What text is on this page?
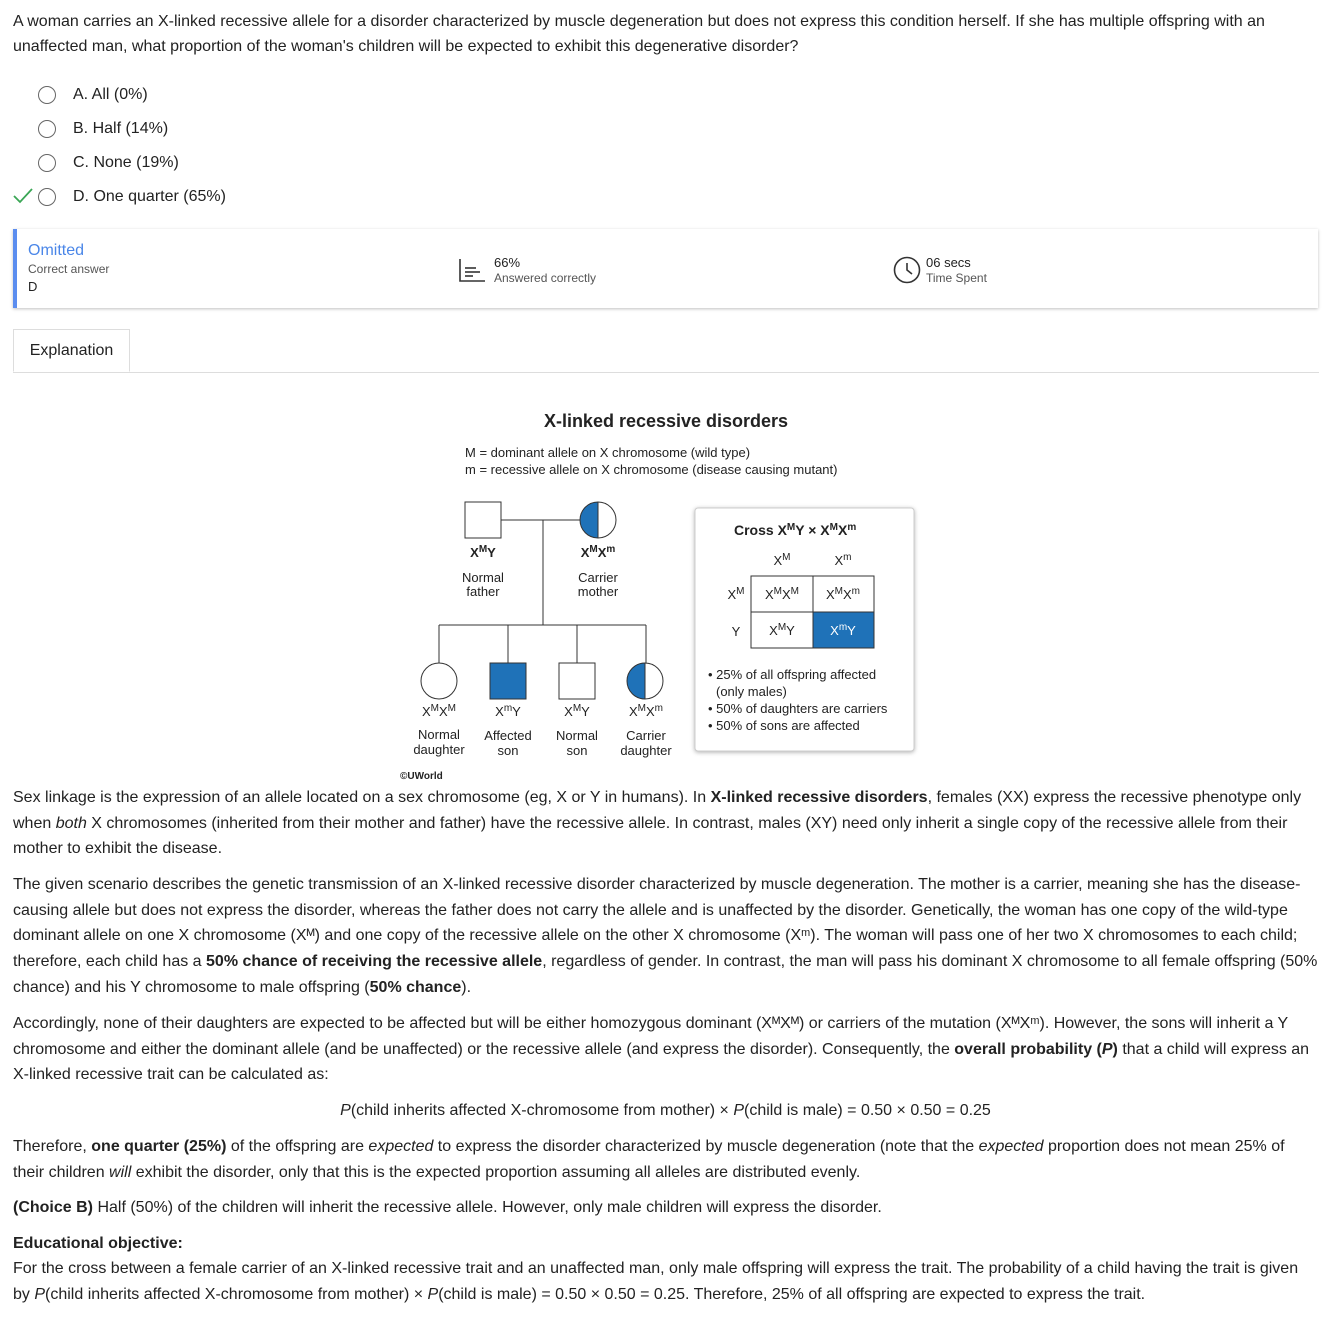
A woman carries an X-linked recessive allele for a disorder characterized by muscle degeneration but does not express this condition herself. If she has multiple offspring with an unaffected man, what proportion of the woman's children will be expected to exhibit this degenerative disorder?
A. All (0%)
B. Half (14%)
C. None (19%)
D. One quarter (65%)
Omitted
Correct answer
D
66%
Answered correctly
06 secs
Time Spent
Explanation
X-linked recessive disorders
M = dominant allele on X chromosome (wild type)
m = recessive allele on X chromosome (disease causing mutant)
$X^MY$
Normal
father
$X^MX^m$
Carrier
mother
$X^MX^M$	$X^mY$	$X^MY$	$X^MX^m$
Normal
daughter
Affected
son
Normal
son
Carrier
daughter
©UWorld
Cross $X^MY \times X^MX^m$
$X^M$	$X^m$
$X^M$
Y
$X^MX^M$ $X^MX^m$
$X^MY$	$X^mY$
• 25% of all offspring affected
(only males)
• 50% of daughters are carriers
• 50% of sons are affected
Sex linkage is the expression of an allele located on a sex chromosome (eg, X or Y in humans). In X-linked recessive disorders, females (XX) express the recessive phenotype only when both X chromosomes (inherited from their mother and father) have the recessive allele. In contrast, males (XY) need only inherit a single copy of the recessive allele from their mother to exhibit the disease.
The given scenario describes the genetic transmission of an X-linked recessive disorder characterized by muscle degeneration. The mother is a carrier, meaning she has the disease-causing allele but does not express the disorder, whereas the father does not carry the allele and is unaffected by the disorder. Genetically, the woman has one copy of the wild-type dominant allele on one X chromosome (Xᴹ) and one copy of the recessive allele on the other X chromosome (Xᵐ). The woman will pass one of her two X chromosomes to each child; therefore, each child has a 50% chance of receiving the recessive allele, regardless of gender. In contrast, the man will pass his dominant X chromosome to all female offspring (50% chance) and his Y chromosome to male offspring (50% chance).
Accordingly, none of their daughters are expected to be affected but will be either homozygous dominant (XᴹXᴹ) or carriers of the mutation (XᴹXᵐ). However, the sons will inherit a Y chromosome and either the dominant allele (and be unaffected) or the recessive allele (and express the disorder). Consequently, the overall probability (P) that a child will express an X-linked recessive trait can be calculated as:
P(child inherits affected X-chromosome from mother) × P(child is male) = 0.50 × 0.50 = 0.25
Therefore, one quarter (25%) of the offspring are expected to express the disorder characterized by muscle degeneration (note that the expected proportion does not mean 25% of their children will exhibit the disorder, only that this is the expected proportion assuming all alleles are distributed evenly.
(Choice B) Half (50%) of the children will inherit the recessive allele. However, only male children will express the disorder.
Educational objective:
For the cross between a female carrier of an X-linked recessive trait and an unaffected man, only male offspring will express the trait. The probability of a child having the trait is given by P(child inherits affected X-chromosome from mother) × P(child is male) = 0.50 × 0.50 = 0.25. Therefore, 25% of all offspring are expected to express the trait.
